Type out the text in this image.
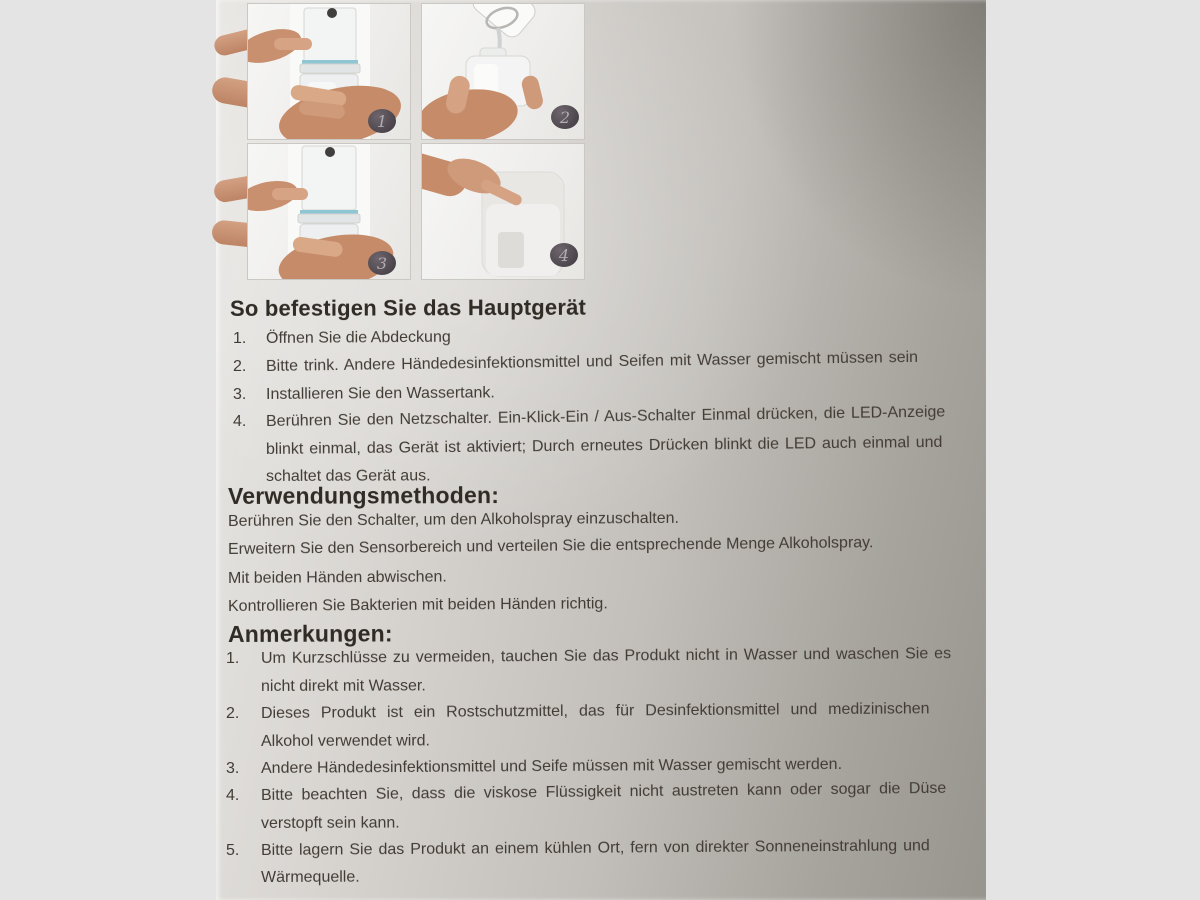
1	2
3	4
So befestigen Sie das Hauptgerät
1. Öffnen Sie die Abdeckung
2. Bitte trink. Andere Händedesinfektionsmittel und Seifen mit Wasser gemischt müssen sein
3. Installieren Sie den Wassertank.
4. Berühren Sie den Netzschalter. Ein-Klick-Ein / Aus-Schalter Einmal drücken, die LED-Anzeige
blinkt einmal, das Gerät ist aktiviert; Durch erneutes Drücken blinkt die LED auch einmal und
schaltet das Gerät aus.
Verwendungsmethoden:
Berühren Sie den Schalter, um den Alkoholspray einzuschalten.
Erweitern Sie den Sensorbereich und verteilen Sie die entsprechende Menge Alkoholspray.
Mit beiden Händen abwischen.
Kontrollieren Sie Bakterien mit beiden Händen richtig.
Anmerkungen:
1. Um Kurzschlüsse zu vermeiden, tauchen Sie das Produkt nicht in Wasser und waschen Sie es
nicht direkt mit Wasser.
2. Dieses Produkt ist ein Rostschutzmittel, das für Desinfektionsmittel und medizinischen
Alkohol verwendet wird.
3. Andere Händedesinfektionsmittel und Seife müssen mit Wasser gemischt werden.
4. Bitte beachten Sie, dass die viskose Flüssigkeit nicht austreten kann oder sogar die Düse
verstopft sein kann.
5. Bitte lagern Sie das Produkt an einem kühlen Ort, fern von direkter Sonneneinstrahlung und
Wärmequelle.
